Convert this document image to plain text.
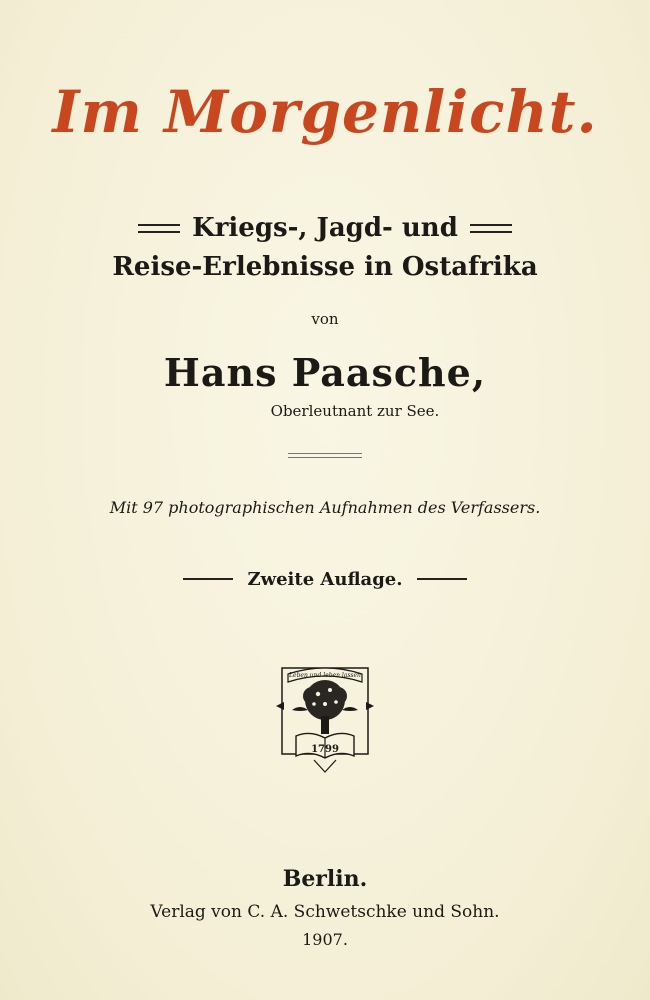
Im Morgenlicht.
Kriegs-, Jagd- und
Reise-Erlebnisse in Ostafrika
von
Hans Paasche,
Oberleutnant zur See.
Mit 97 photographischen Aufnahmen des Verfassers.
Zweite Auflage.
Leben und leben lassen
1799
Berlin.
Verlag von C. A. Schwetschke und Sohn.
1907.
